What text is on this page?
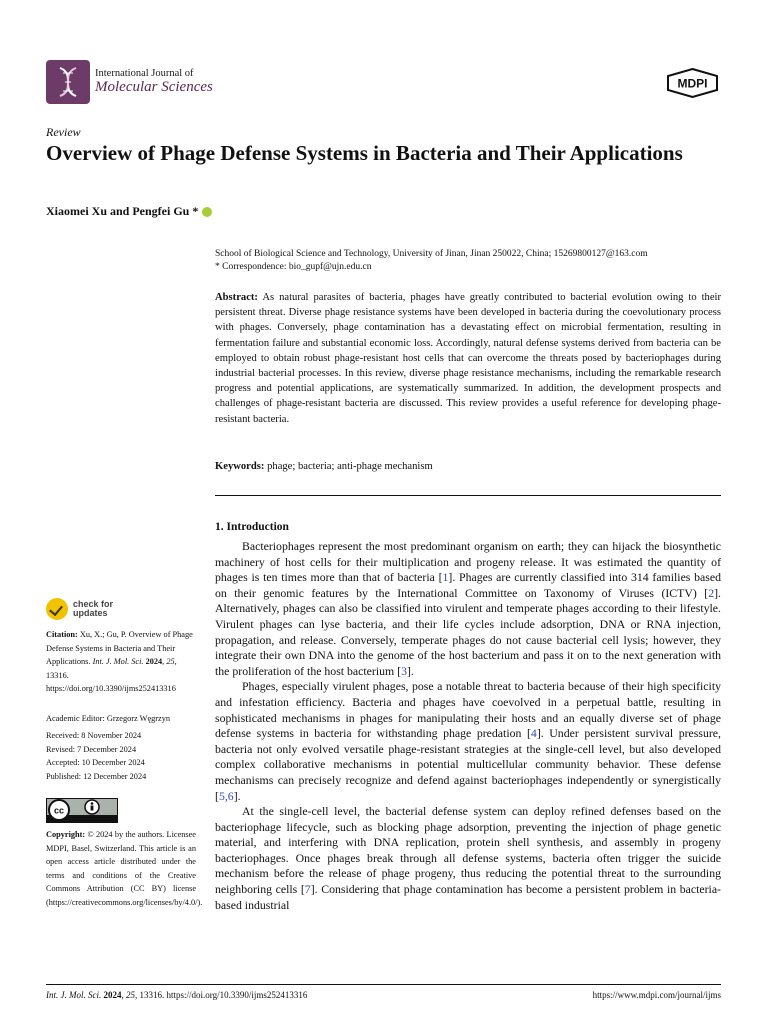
International Journal of
Molecular Sciences	MDPI
Review
Overview of Phage Defense Systems in Bacteria and Their Applications
Xiaomei Xu and Pengfei Gu *
School of Biological Science and Technology, University of Jinan, Jinan 250022, China; 15269800127@163.com
* Correspondence: bio_gupf@ujn.edu.cn
Abstract: As natural parasites of bacteria, phages have greatly contributed to bacterial evolution owing to their persistent threat. Diverse phage resistance systems have been developed in bacteria during the coevolutionary process with phages. Conversely, phage contamination has a devastating effect on microbial fermentation, resulting in fermentation failure and substantial economic loss. Accordingly, natural defense systems derived from bacteria can be employed to obtain robust phage-resistant host cells that can overcome the threats posed by bacteriophages during industrial bacterial processes. In this review, diverse phage resistance mechanisms, including the remarkable research progress and potential applications, are systematically summarized. In addition, the development prospects and challenges of phage-resistant bacteria are discussed. This review provides a useful reference for developing phage-resistant bacteria.
Keywords: phage; bacteria; anti-phage mechanism
1. Introduction

Bacteriophages represent the most predominant organism on earth; they can hijack the biosynthetic machinery of host cells for their multiplication and progeny release. It was estimated the quantity of phages is ten times more than that of bacteria [1]. Phages are currently classified into 314 families based on their genomic features by the International Committee on Taxonomy of Viruses (ICTV) [2]. Alternatively, phages can also be classified into virulent and temperate phages according to their lifestyle. Virulent phages can lyse bacteria, and their life cycles include adsorption, DNA or RNA injection, propagation, and release. Conversely, temperate phages do not cause bacterial cell lysis; however, they integrate their own DNA into the genome of the host bacterium and pass it on to the next generation with the proliferation of the host bacterium [3].

Phages, especially virulent phages, pose a notable threat to bacteria because of their high specificity and infestation efficiency. Bacteria and phages have coevolved in a perpetual battle, resulting in sophisticated mechanisms in phages for manipulating their hosts and an equally diverse set of phage defense systems in bacteria for withstanding phage predation [4]. Under persistent survival pressure, bacteria not only evolved versatile phage-resistant strategies at the single-cell level, but also developed complex collaborative mechanisms in potential multicellular community behavior. These defense mechanisms can precisely recognize and defend against bacteriophages independently or synergistically [5,6].

At the single-cell level, the bacterial defense system can deploy refined defenses based on the bacteriophage lifecycle, such as blocking phage adsorption, preventing the injection of phage genetic material, and interfering with DNA replication, protein shell synthesis, and assembly in progeny bacteriophages. Once phages break through all defense systems, bacteria often trigger the suicide mechanism before the release of phage progeny, thus reducing the potential threat to the surrounding neighboring cells [7]. Considering that phage contamination has become a persistent problem in bacteria-based industrial

check for
updates
Citation: Xu, X.; Gu, P. Overview of Phage Defense Systems in Bacteria and Their Applications. Int. J. Mol. Sci. 2024, 25, 13316. https://doi.org/10.3390/ijms252413316
Academic Editor: Grzegorz Węgrzyn
Received: 8 November 2024
Revised: 7 December 2024
Accepted: 10 December 2024
Published: 12 December 2024
cc
Copyright: © 2024 by the authors. Licensee MDPI, Basel, Switzerland. This article is an open access article distributed under the terms and conditions of the Creative Commons Attribution (CC BY) license (https://creativecommons.org/licenses/by/4.0/).
Int. J. Mol. Sci. 2024, 25, 13316. https://doi.org/10.3390/ijms252413316	https://www.mdpi.com/journal/ijms
